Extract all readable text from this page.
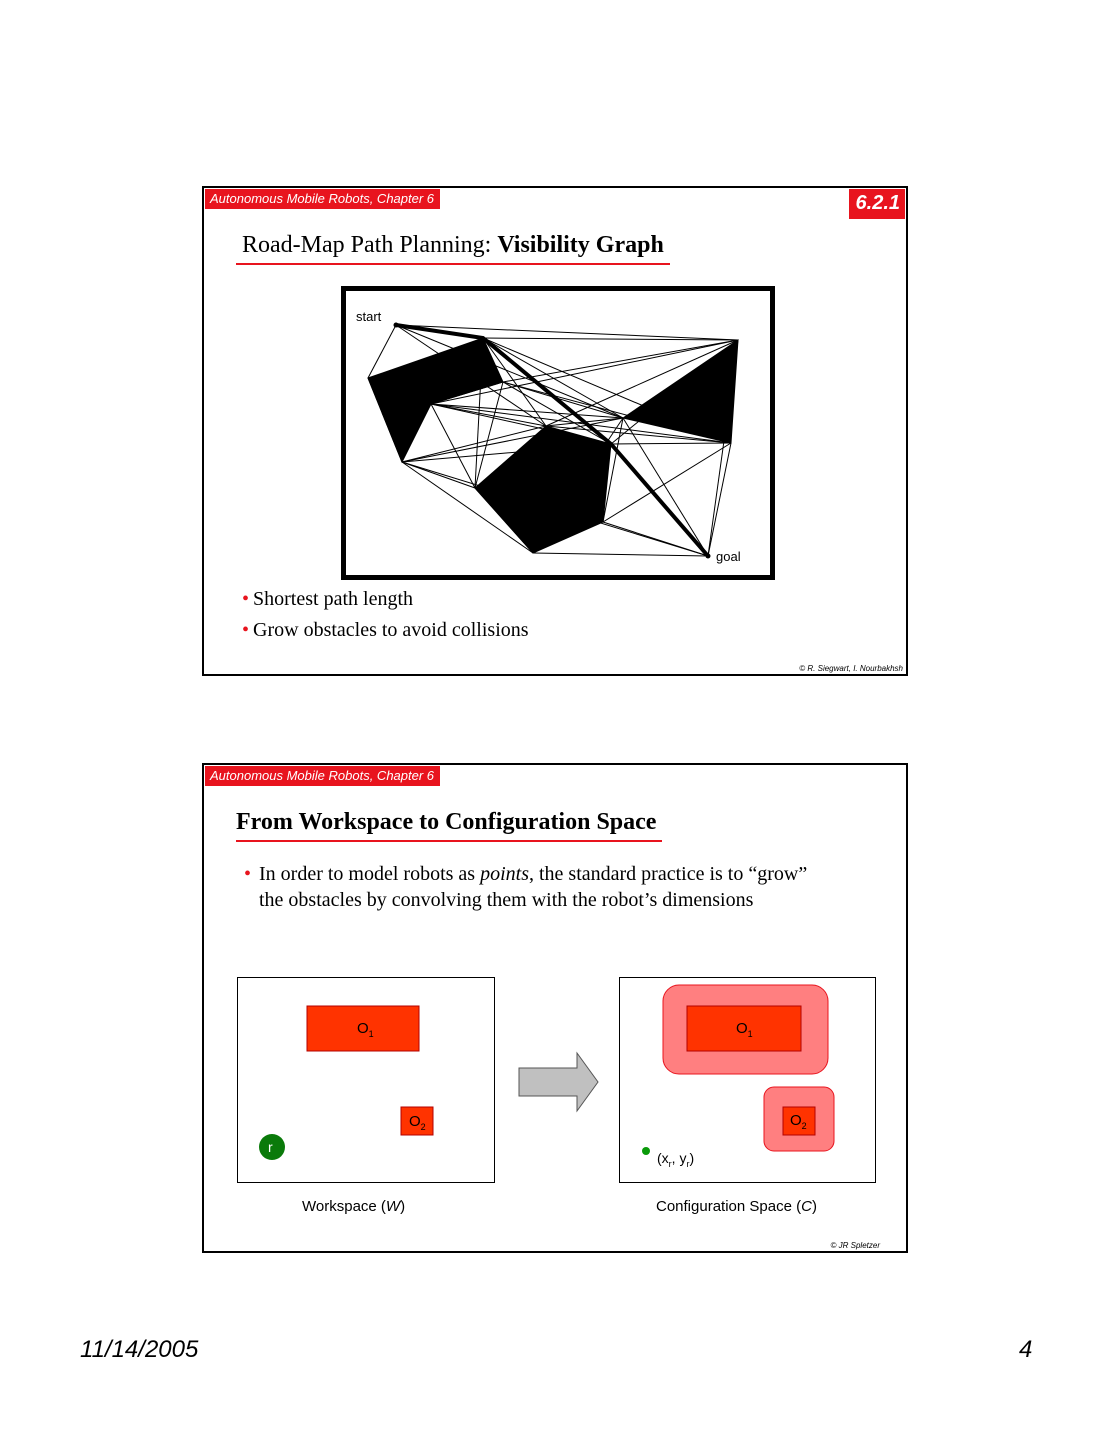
Autonomous Mobile Robots, Chapter 6	6.2.1
Road-Map Path Planning: Visibility Graph
start
goal
• Shortest path length
• Grow obstacles to avoid collisions
© R. Siegwart, I. Nourbakhsh
Autonomous Mobile Robots, Chapter 6
From Workspace to Configuration Space
• In order to model robots as points, the standard practice is to “grow” the obstacles by convolving them with the robot’s dimensions
$O_1$
$O_2$
r
$O_1$
$O_2$
($x_r$, $y_r$)
Workspace (W)	Configuration Space (C)
© JR Spletzer
11/14/2005	4
